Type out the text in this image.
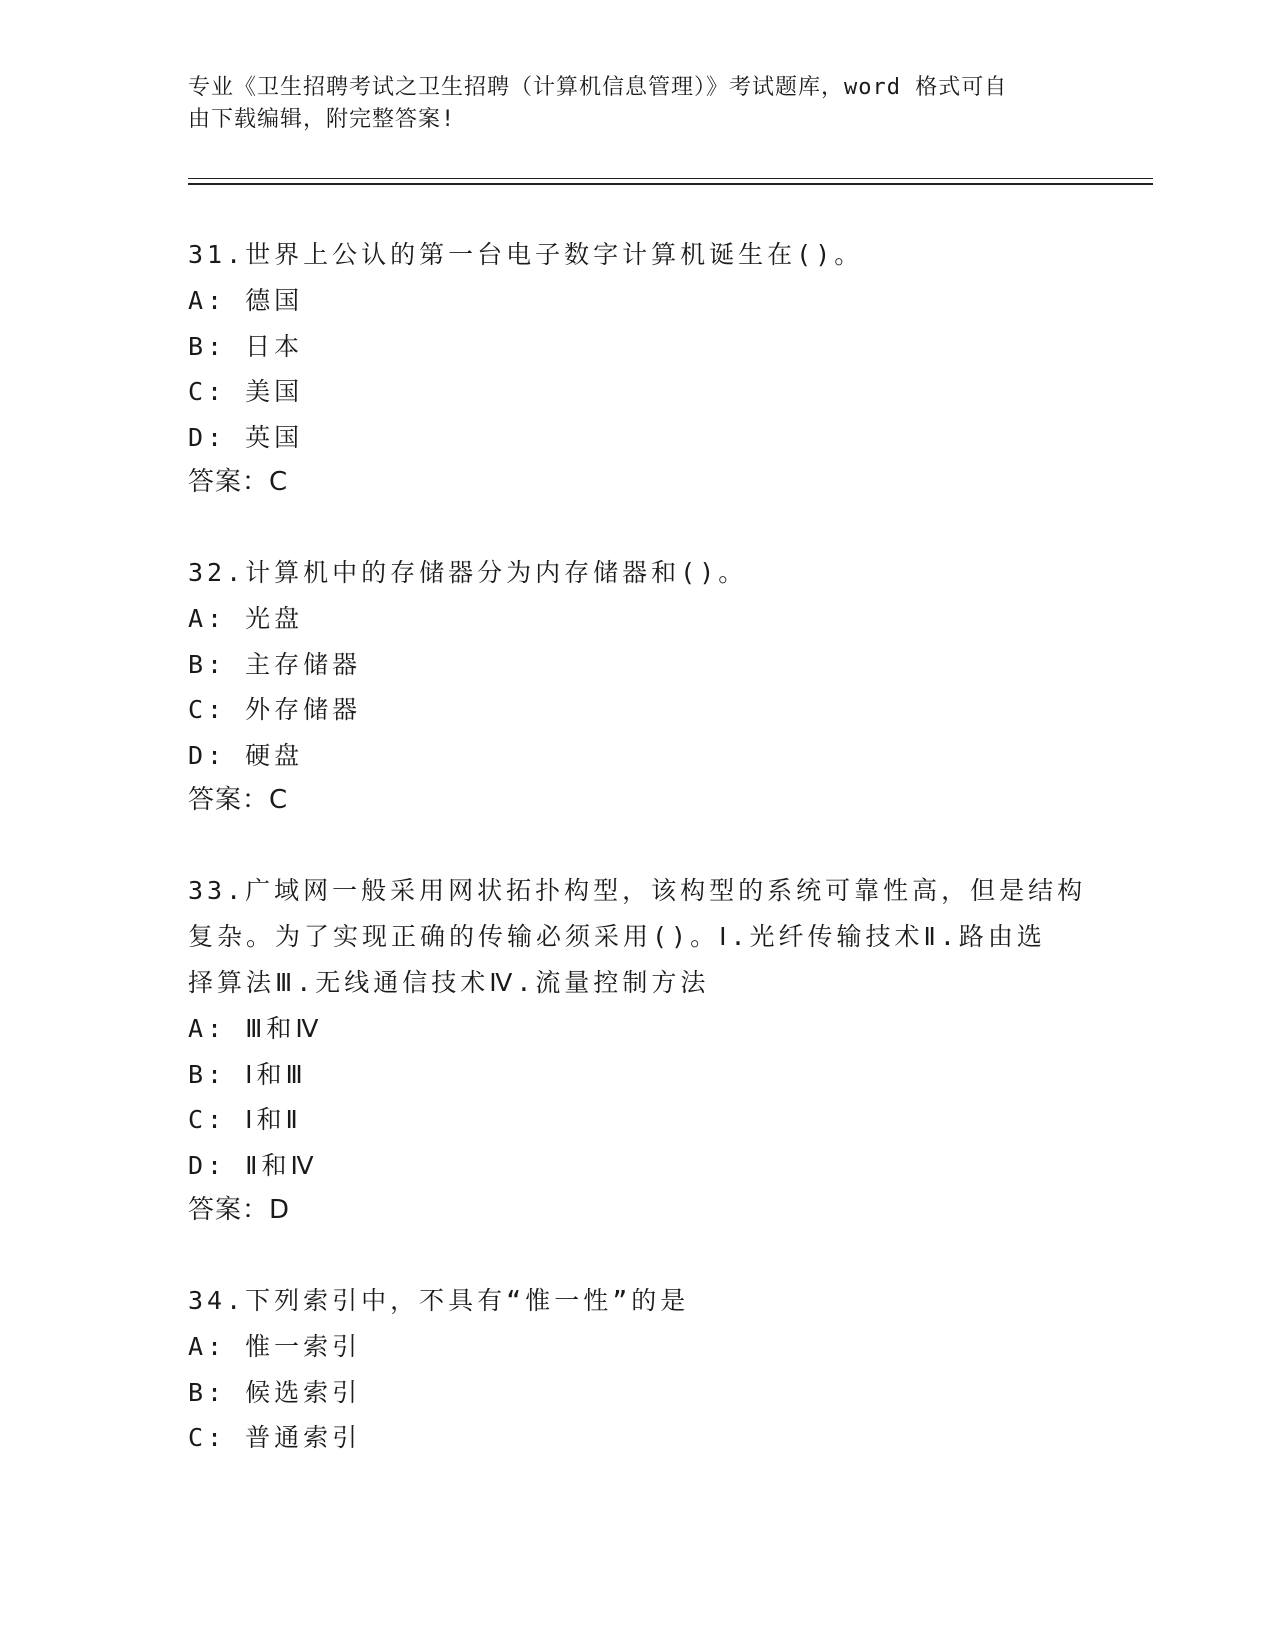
专业《卫生招聘考试之卫生招聘（计算机信息管理）》考试题库，word 格式可自
由下载编辑，附完整答案!
31.世界上公认的第一台电子数字计算机诞生在()。
A: 德国
B: 日本
C: 美国
D: 英国
答案：C
32.计算机中的存储器分为内存储器和()。
A: 光盘
B: 主存储器
C: 外存储器
D: 硬盘
答案：C
33.广域网一般采用网状拓扑构型，该构型的系统可靠性高，但是结构
复杂。为了实现正确的传输必须采用()。Ⅰ.光纤传输技术Ⅱ.路由选
择算法Ⅲ.无线通信技术Ⅳ.流量控制方法
A: Ⅲ和Ⅳ
B: Ⅰ和Ⅲ
C: Ⅰ和Ⅱ
D: Ⅱ和Ⅳ
答案：D
34.下列索引中，不具有“惟一性”的是
A: 惟一索引
B: 候选索引
C: 普通索引
